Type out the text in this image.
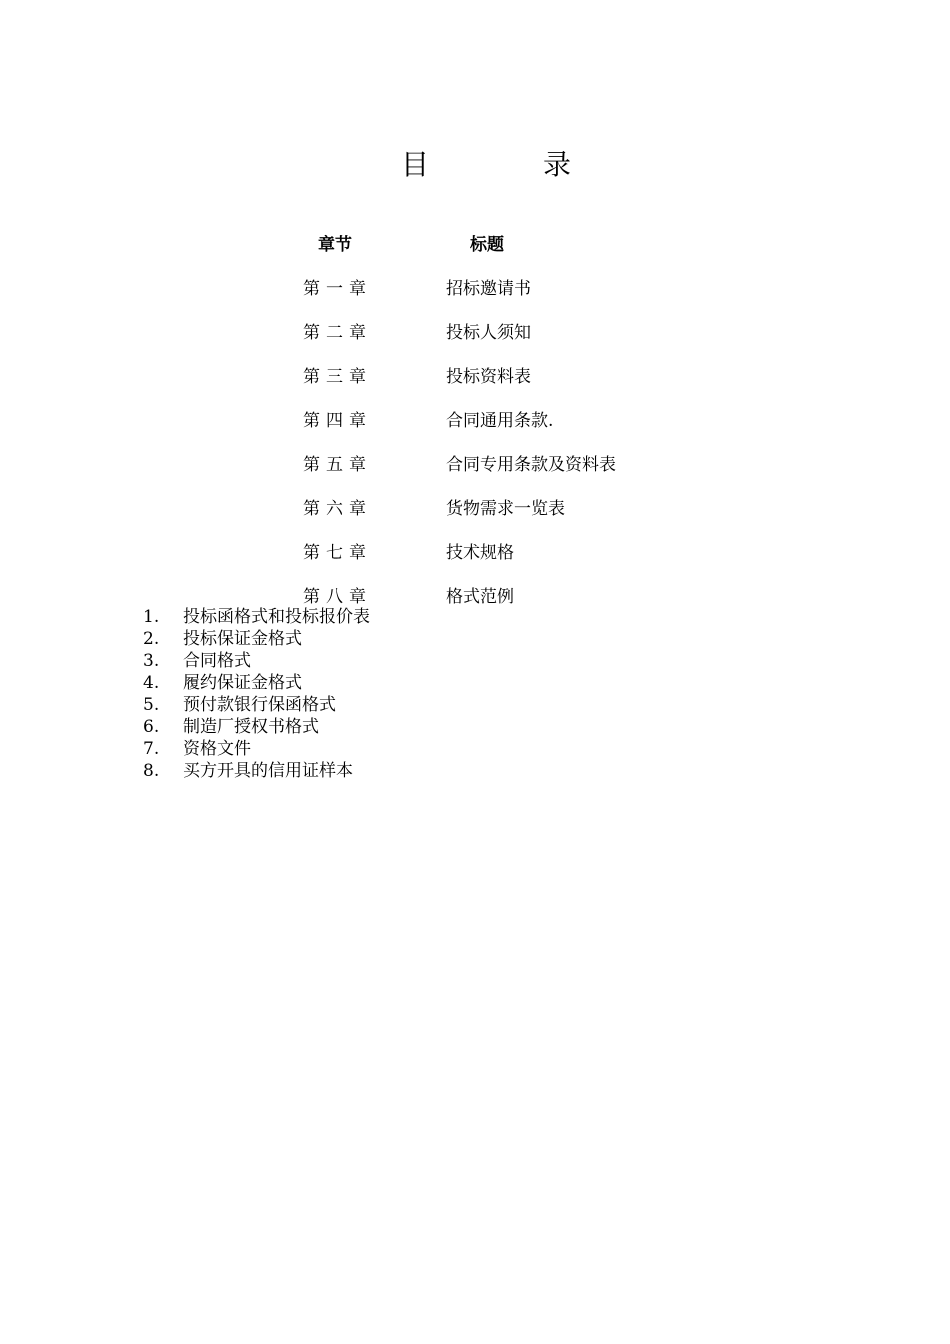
目	录
章节	标题
第一章	招标邀请书
第二章	投标人须知
第三章	投标资料表
第四章	合同通用条款.
第五章	合同专用条款及资料表
第六章	货物需求一览表
第七章	技术规格
第八章	格式范例
1. 投标函格式和投标报价表
2. 投标保证金格式
3. 合同格式
4. 履约保证金格式
5. 预付款银行保函格式
6. 制造厂授权书格式
7. 资格文件
8. 买方开具的信用证样本
